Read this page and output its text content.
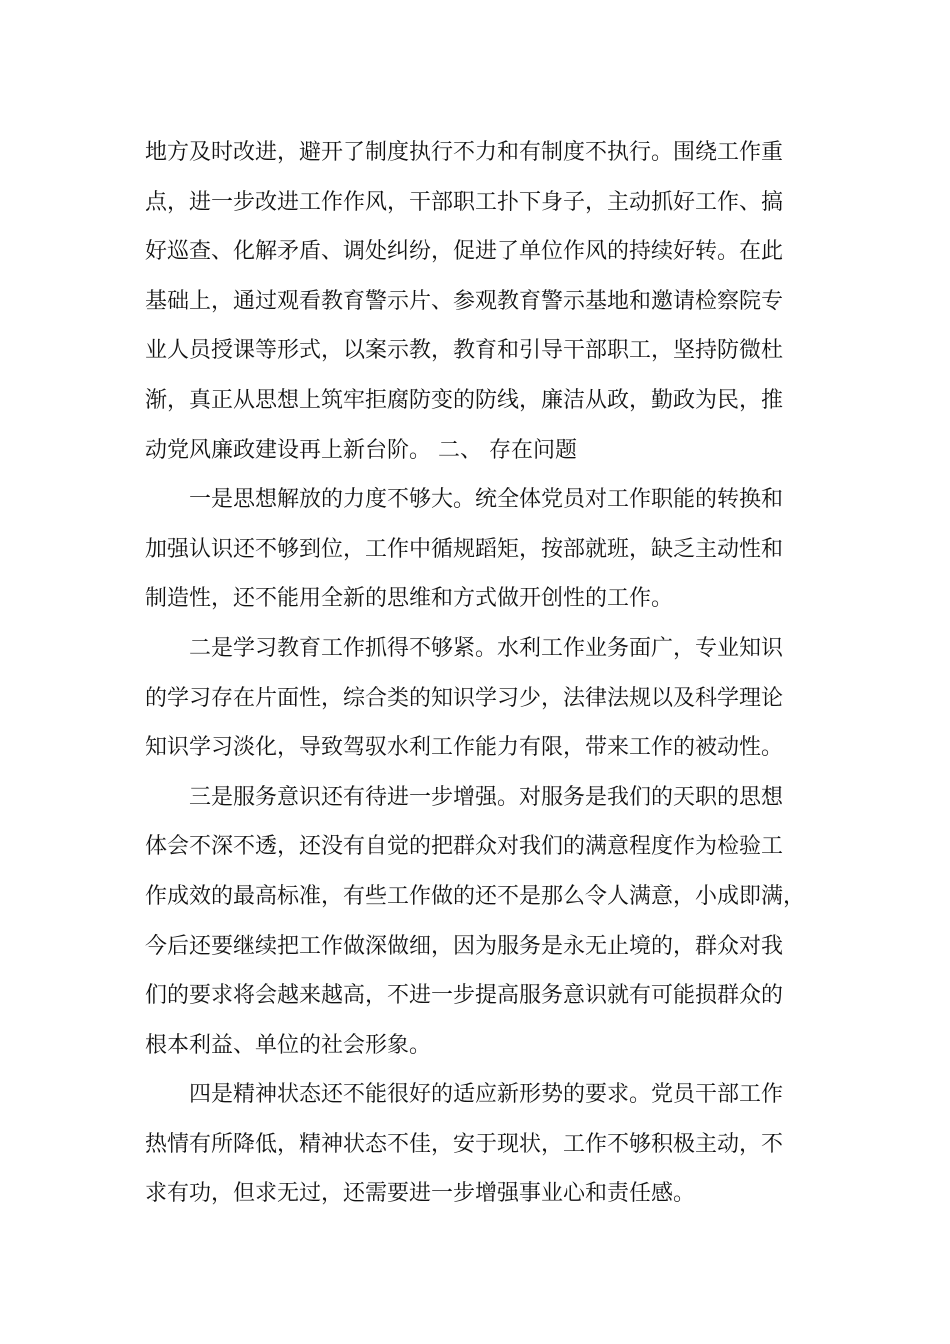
地方及时改进，避开了制度执行不力和有制度不执行。围绕工作重
点，进一步改进工作作风，干部职工扑下身子，主动抓好工作、搞
好巡查、化解矛盾、调处纠纷，促进了单位作风的持续好转。在此
基础上，通过观看教育警示片、参观教育警示基地和邀请检察院专
业人员授课等形式，以案示教，教育和引导干部职工，坚持防微杜
渐，真正从思想上筑牢拒腐防变的防线，廉洁从政，勤政为民，推
动党风廉政建设再上新台阶。 二、 存在问题
一是思想解放的力度不够大。统全体党员对工作职能的转换和
加强认识还不够到位，工作中循规蹈矩，按部就班，缺乏主动性和
制造性，还不能用全新的思维和方式做开创性的工作。
二是学习教育工作抓得不够紧。水利工作业务面广，专业知识
的学习存在片面性，综合类的知识学习少，法律法规以及科学理论
知识学习淡化，导致驾驭水利工作能力有限，带来工作的被动性。
三是服务意识还有待进一步增强。对服务是我们的天职的思想
体会不深不透，还没有自觉的把群众对我们的满意程度作为检验工
作成效的最高标准，有些工作做的还不是那么令人满意，小成即满，
今后还要继续把工作做深做细，因为服务是永无止境的，群众对我
们的要求将会越来越高，不进一步提高服务意识就有可能损群众的
根本利益、单位的社会形象。
四是精神状态还不能很好的适应新形势的要求。党员干部工作
热情有所降低，精神状态不佳，安于现状，工作不够积极主动，不
求有功，但求无过，还需要进一步增强事业心和责任感。
